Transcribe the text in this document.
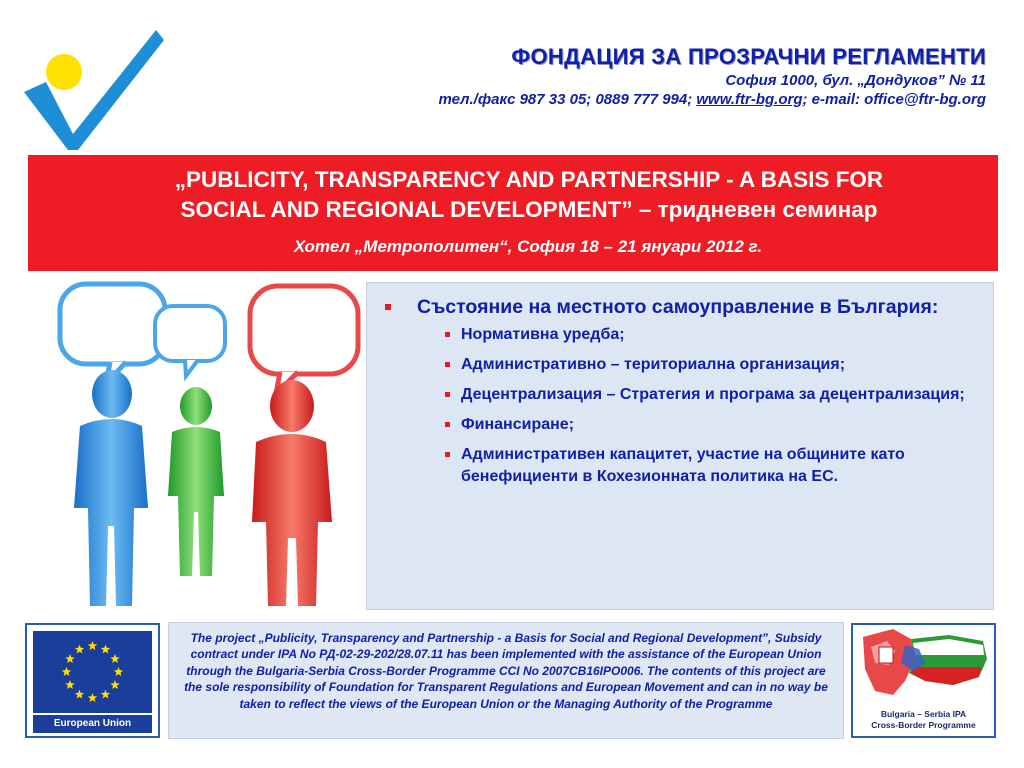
ФОНДАЦИЯ ЗА ПРОЗРАЧНИ РЕГЛАМЕНТИ
София 1000, бул. „Дондуков” № 11
тел./факс 987 33 05; 0889 777 994; www.ftr-bg.org; e-mail: office@ftr-bg.org
„PUBLICITY, TRANSPARENCY AND PARTNERSHIP - A BASIS FOR
SOCIAL AND REGIONAL DEVELOPMENT” – тридневен семинар
Хотел „Метрополитен“, София 18 – 21 януари 2012 г.
Състояние на местното самоуправление в България:
Нормативна уредба;
Административно – териториална организация;
Децентрализация – Стратегия и програма за децентрализация;
Финансиране;
Административен капацитет, участие на общините като бенефициенти в Кохезионната политика на ЕС.
European Union
The project „Publicity, Transparency and Partnership - a Basis for Social and Regional Development”, Subsidy contract under IPA No РД-02-29-202/28.07.11 has been implemented with the assistance of the European Union through the Bulgaria-Serbia Cross-Border Programme CCI No 2007CB16IPO006. The contents of this project are the sole responsibility of Foundation for Transparent Regulations and European Movement and can in no way be taken to reflect the views of the European Union or the Managing Authority of the Programme
Bulgaria – Serbia IPA
Cross-Border Programme
